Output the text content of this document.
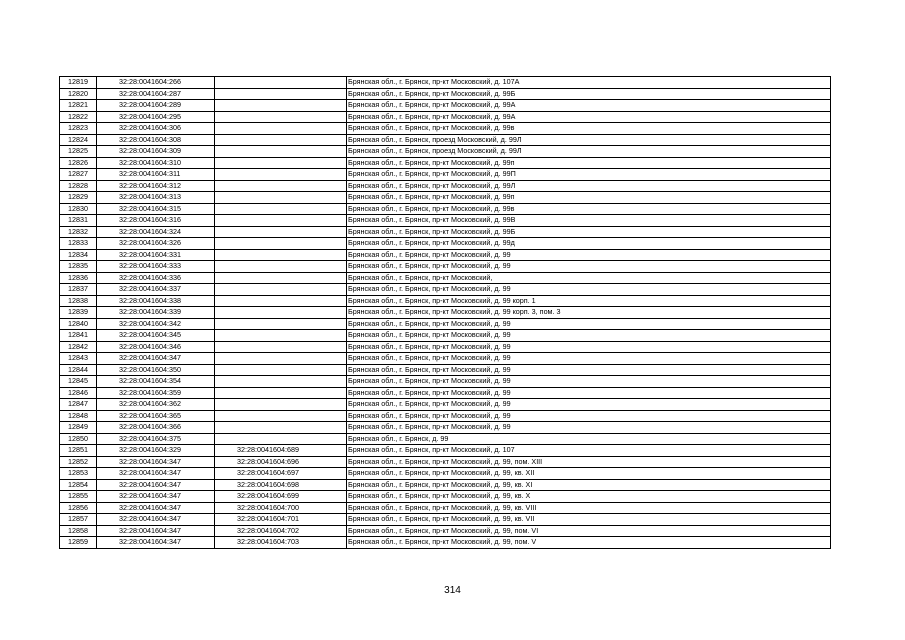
12819	32:28:0041604:266		Брянская обл., г. Брянск, пр-кт Московский, д. 107А
12820	32:28:0041604:287		Брянская обл., г. Брянск, пр-кт Московский, д. 99Б
12821	32:28:0041604:289		Брянская обл., г. Брянск, пр-кт Московский, д. 99А
12822	32:28:0041604:295		Брянская обл., г. Брянск, пр-кт Московский, д. 99А
12823	32:28:0041604:306		Брянская обл., г. Брянск, пр-кт Московский, д. 99в
12824	32:28:0041604:308		Брянская обл., г. Брянск, проезд Московский, д. 99Л
12825	32:28:0041604:309		Брянская обл., г. Брянск, проезд Московский, д. 99Л
12826	32:28:0041604:310		Брянская обл., г. Брянск, пр-кт Московский, д. 99п
12827	32:28:0041604:311		Брянская обл., г. Брянск, пр-кт Московский, д. 99П
12828	32:28:0041604:312		Брянская обл., г. Брянск, пр-кт Московский, д. 99Л
12829	32:28:0041604:313		Брянская обл., г. Брянск, пр-кт Московский, д. 99п
12830	32:28:0041604:315		Брянская обл., г. Брянск, пр-кт Московский, д. 99в
12831	32:28:0041604:316		Брянская обл., г. Брянск, пр-кт Московский, д. 99В
12832	32:28:0041604:324		Брянская обл., г. Брянск, пр-кт Московский, д. 99Б
12833	32:28:0041604:326		Брянская обл., г. Брянск, пр-кт Московский, д. 99д
12834	32:28:0041604:331		Брянская обл., г. Брянск, пр-кт Московский, д. 99
12835	32:28:0041604:333		Брянская обл., г. Брянск, пр-кт Московский, д. 99
12836	32:28:0041604:336		Брянская обл., г. Брянск, пр-кт Московский,
12837	32:28:0041604:337		Брянская обл., г. Брянск, пр-кт Московский, д. 99
12838	32:28:0041604:338		Брянская обл., г. Брянск, пр-кт Московский, д. 99 корп. 1
12839	32:28:0041604:339		Брянская обл., г. Брянск, пр-кт Московский, д. 99 корп. 3, пом. 3
12840	32:28:0041604:342		Брянская обл., г. Брянск, пр-кт Московский, д. 99
12841	32:28:0041604:345		Брянская обл., г. Брянск, пр-кт Московский, д. 99
12842	32:28:0041604:346		Брянская обл., г. Брянск, пр-кт Московский, д. 99
12843	32:28:0041604:347		Брянская обл., г. Брянск, пр-кт Московский, д. 99
12844	32:28:0041604:350		Брянская обл., г. Брянск, пр-кт Московский, д. 99
12845	32:28:0041604:354		Брянская обл., г. Брянск, пр-кт Московский, д. 99
12846	32:28:0041604:359		Брянская обл., г. Брянск, пр-кт Московский, д. 99
12847	32:28:0041604:362		Брянская обл., г. Брянск, пр-кт Московский, д. 99
12848	32:28:0041604:365		Брянская обл., г. Брянск, пр-кт Московский, д. 99
12849	32:28:0041604:366		Брянская обл., г. Брянск, пр-кт Московский, д. 99
12850	32:28:0041604:375		Брянская обл., г. Брянск, д. 99
12851	32:28:0041604:329	32:28:0041604:689	Брянская обл., г. Брянск, пр-кт Московский, д. 107
12852	32:28:0041604:347	32:28:0041604:696	Брянская обл., г. Брянск, пр-кт Московский, д. 99, пом. XIII
12853	32:28:0041604:347	32:28:0041604:697	Брянская обл., г. Брянск, пр-кт Московский, д. 99, кв. XII
12854	32:28:0041604:347	32:28:0041604:698	Брянская обл., г. Брянск, пр-кт Московский, д. 99, кв. XI
12855	32:28:0041604:347	32:28:0041604:699	Брянская обл., г. Брянск, пр-кт Московский, д. 99, кв. X
12856	32:28:0041604:347	32:28:0041604:700	Брянская обл., г. Брянск, пр-кт Московский, д. 99, кв. VIII
12857	32:28:0041604:347	32:28:0041604:701	Брянская обл., г. Брянск, пр-кт Московский, д. 99, кв. VII
12858	32:28:0041604:347	32:28:0041604:702	Брянская обл., г. Брянск, пр-кт Московский, д. 99, пом. VI
12859	32:28:0041604:347	32:28:0041604:703	Брянская обл., г. Брянск, пр-кт Московский, д. 99, пом. V
314
